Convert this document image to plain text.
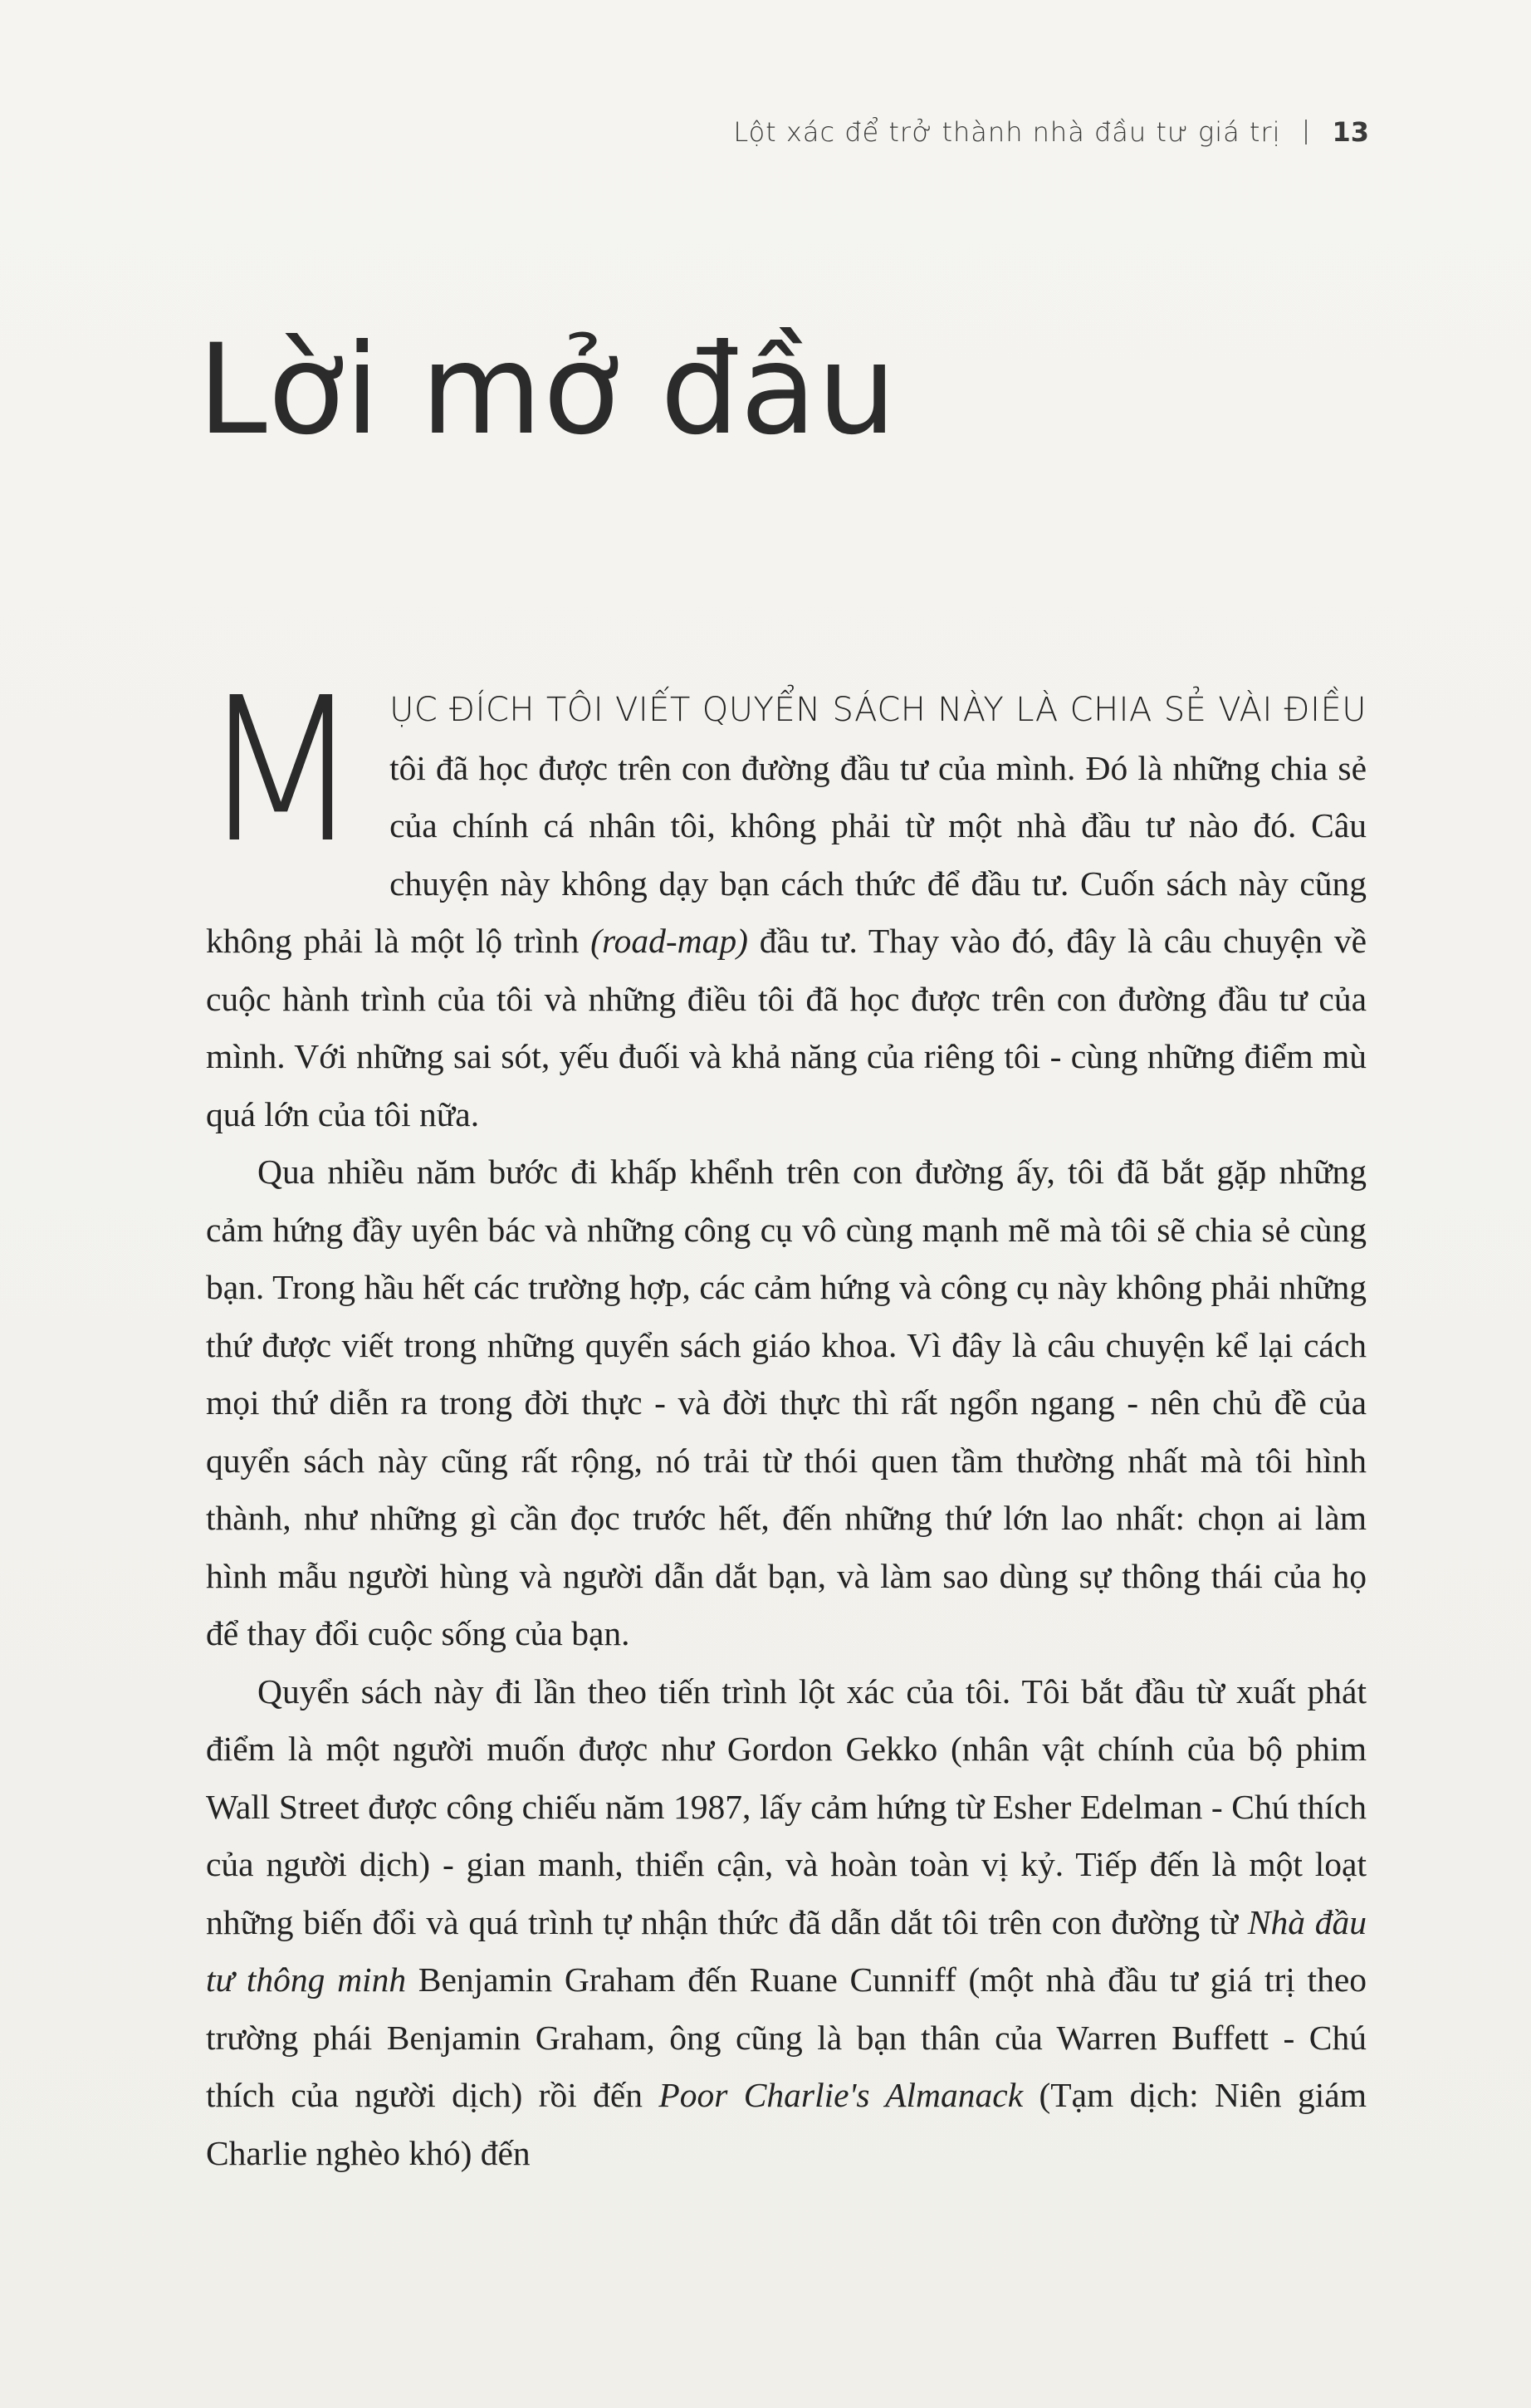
Lột xác để trở thành nhà đầu tư giá trị 13
Lời mở đầu

MỤC ĐÍCH TÔI VIẾT QUYỂN SÁCH NÀY LÀ CHIA SẺ VÀI ĐIỀU tôi đã học được trên con đường đầu tư của mình. Đó là những chia sẻ của chính cá nhân tôi, không phải từ một nhà đầu tư nào đó. Câu chuyện này không dạy bạn cách thức để đầu tư. Cuốn sách này cũng không phải là một lộ trình (road-map) đầu tư. Thay vào đó, đây là câu chuyện về cuộc hành trình của tôi và những điều tôi đã học được trên con đường đầu tư của mình. Với những sai sót, yếu đuối và khả năng của riêng tôi - cùng những điểm mù quá lớn của tôi nữa.

Qua nhiều năm bước đi khấp khểnh trên con đường ấy, tôi đã bắt gặp những cảm hứng đầy uyên bác và những công cụ vô cùng mạnh mẽ mà tôi sẽ chia sẻ cùng bạn. Trong hầu hết các trường hợp, các cảm hứng và công cụ này không phải những thứ được viết trong những quyển sách giáo khoa. Vì đây là câu chuyện kể lại cách mọi thứ diễn ra trong đời thực - và đời thực thì rất ngổn ngang - nên chủ đề của quyển sách này cũng rất rộng, nó trải từ thói quen tầm thường nhất mà tôi hình thành, như những gì cần đọc trước hết, đến những thứ lớn lao nhất: chọn ai làm hình mẫu người hùng và người dẫn dắt bạn, và làm sao dùng sự thông thái của họ để thay đổi cuộc sống của bạn.

Quyển sách này đi lần theo tiến trình lột xác của tôi. Tôi bắt đầu từ xuất phát điểm là một người muốn được như Gordon Gekko (nhân vật chính của bộ phim Wall Street được công chiếu năm 1987, lấy cảm hứng từ Esher Edelman - Chú thích của người dịch) - gian manh, thiển cận, và hoàn toàn vị kỷ. Tiếp đến là một loạt những biến đổi và quá trình tự nhận thức đã dẫn dắt tôi trên con đường từ Nhà đầu tư thông minh Benjamin Graham đến Ruane Cunniff (một nhà đầu tư giá trị theo trường phái Benjamin Graham, ông cũng là bạn thân của Warren Buffett - Chú thích của người dịch) rồi đến Poor Charlie's Almanack (Tạm dịch: Niên giám Charlie nghèo khó) đến
